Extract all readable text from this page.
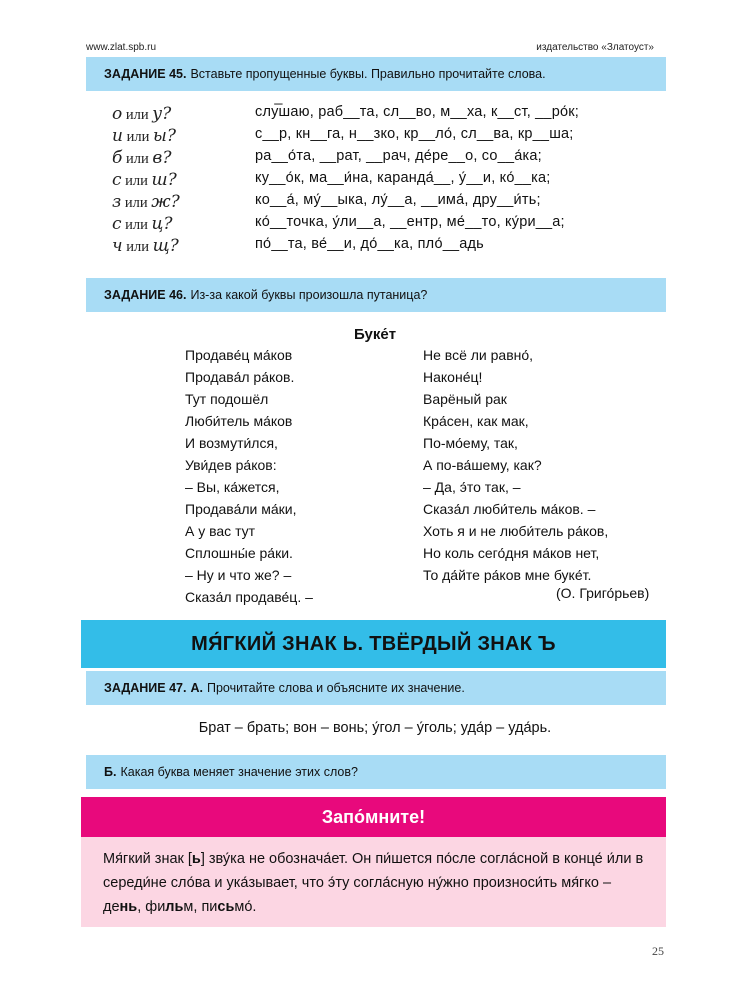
www.zlat.spb.ru	издательство «Златоуст»
ЗАДАНИЕ 45. Вставьте пропущенные буквы. Правильно прочитайте слова.
о или у?	слу̅шаю, раб__та, сл__во, м__ха, к__ст, __ро́к;
и или ы?	с__р, кн__га, н__зко, кр__ло́, сл__ва, кр__ша;
б или в?	ра__о́та, __рат, __рач, де́ре__о, со__а́ка;
с или ш?	ку__о́к, ма__и́на, каранда́__, у́__и, ко́__ка;
з или ж?	ко__а́, му́__ыка, лу́__а, __има́, дру__и́ть;
с или ц?	ко́__точка, у́ли__а, __ентр, ме́__то, ку́ри__а;
ч или щ?	по́__та, ве́__и, до́__ка, пло́__адь
ЗАДАНИЕ 46. Из-за какой буквы произошла путаница?
Буке́т
Продаве́ц ма́ков
Продава́л ра́ков.
Тут подошёл
Люби́тель ма́ков
И возмути́лся,
Уви́дев ра́ков:
– Вы, ка́жется,
Продава́ли ма́ки,
А у вас тут
Сплошны́е ра́ки.
– Ну и что же? –
Сказа́л продаве́ц. –
Не всё ли равно́,
Наконе́ц!
Варёный рак
Кра́сен, как мак,
По-мо́ему, так,
А по-ва́шему, как?
– Да, э́то так, –
Сказа́л люби́тель ма́ков. –
Хоть я и не люби́тель ра́ков,
Но коль сего́дня ма́ков нет,
То да́йте ра́ков мне буке́т.
(О. Григо́рьев)
МЯ́ГКИЙ ЗНАК Ь. ТВЁРДЫЙ ЗНАК Ъ
ЗАДАНИЕ 47. А. Прочитайте слова и объясните их значение.
Брат – брать; вон – вонь; у́гол – у́голь; уда́р – уда́рь.
Б. Какая буква меняет значение этих слов?
Запо́мните!
Мя́гкий знак [ь] зву́ка не обознача́ет. Он пи́шется по́сле согла́сной в конце́ и́ли в середи́не сло́ва и ука́зывает, что э́ту согла́сную ну́жно произноси́ть мя́гко – день, фильм, письмо́.
25
